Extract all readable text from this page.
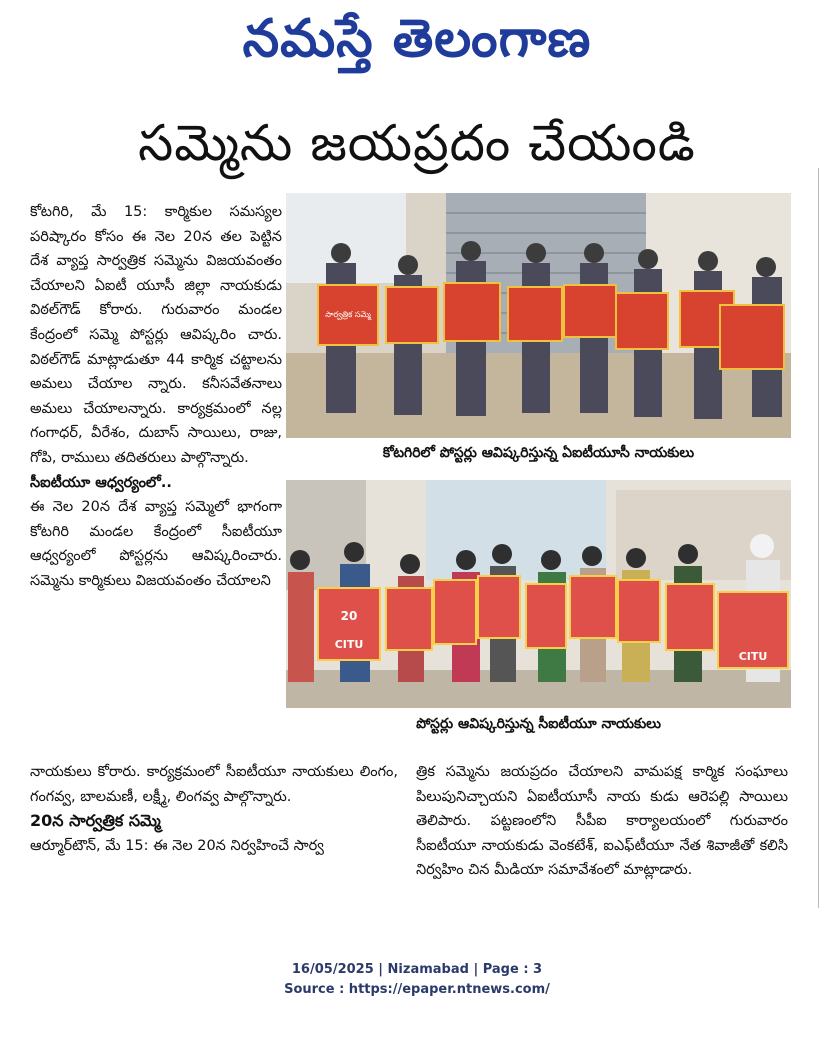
నమస్తే తెలంగాణ
సమ్మెను జయప్రదం చేయండి

కోటగిరి, మే 15: కార్మికుల సమస్యల పరిష్కారం కోసం ఈ నెల 20న తల పెట్టిన దేశ వ్యాప్త సార్వత్రిక సమ్మెను విజయవంతం చేయాలని ఏఐటీ యూసీ జిల్లా నాయకుడు విఠల్‌గౌడ్ కోరారు. గురువారం మండల కేంద్రంలో సమ్మె పోస్టర్లు ఆవిష్కరిం చారు. విఠల్‌గౌడ్ మాట్లాడుతూ 44 కార్మిక చట్టాలను అమలు చేయాల న్నారు. కనీసవేతనాలు అమలు చేయాలన్నారు. కార్యక్రమంలో నల్ల గంగాధర్, వీరేశం, దుబాస్ సాయిలు, రాజు, గోపి, రాములు తదితరులు పాల్గొన్నారు.

సీఐటీయూ ఆధ్వర్యంలో..

ఈ నెల 20న దేశ వ్యాప్త సమ్మెలో భాగంగా కోటగిరి మండల కేంద్రంలో సీఐటీయూ ఆధ్వర్యంలో పోస్టర్లను ఆవిష్కరించారు. సమ్మెను కార్మికులు విజయవంతం చేయాలని

నాయకులు కోరారు. కార్యక్రమంలో సీఐటీయూ నాయకులు లింగం, గంగవ్వ, బాలమణీ, లక్ష్మీ, లింగవ్వ పాల్గొన్నారు.

20న సార్వత్రిక సమ్మె

ఆర్మూర్‌టౌన్, మే 15: ఈ నెల 20న నిర్వహించే సార్వ

త్రిక సమ్మెను జయప్రదం చేయాలని వామపక్ష కార్మిక సంఘాలు పిలుపునిచ్చాయని ఏఐటీయూసీ నాయ కుడు ఆరెపల్లి సాయిలు తెలిపారు. పట్టణంలోని సీపీఐ కార్యాలయంలో గురువారం సీఐటీయూ నాయకుడు వెంకటేశ్, ఐఎఫ్‌టీయూ నేత శివాజీతో కలిసి నిర్వహిం చిన మీడియా సమావేశంలో మాట్లాడారు.

సార్వత్రిక సమ్మె
కోటగిరిలో పోస్టర్లు ఆవిష్కరిస్తున్న ఏఐటీయూసీ నాయకులు
20
CITU
CITU
పోస్టర్లు ఆవిష్కరిస్తున్న సీఐటీయూ నాయకులు
16/05/2025 | Nizamabad | Page : 3
Source : https://epaper.ntnews.com/
